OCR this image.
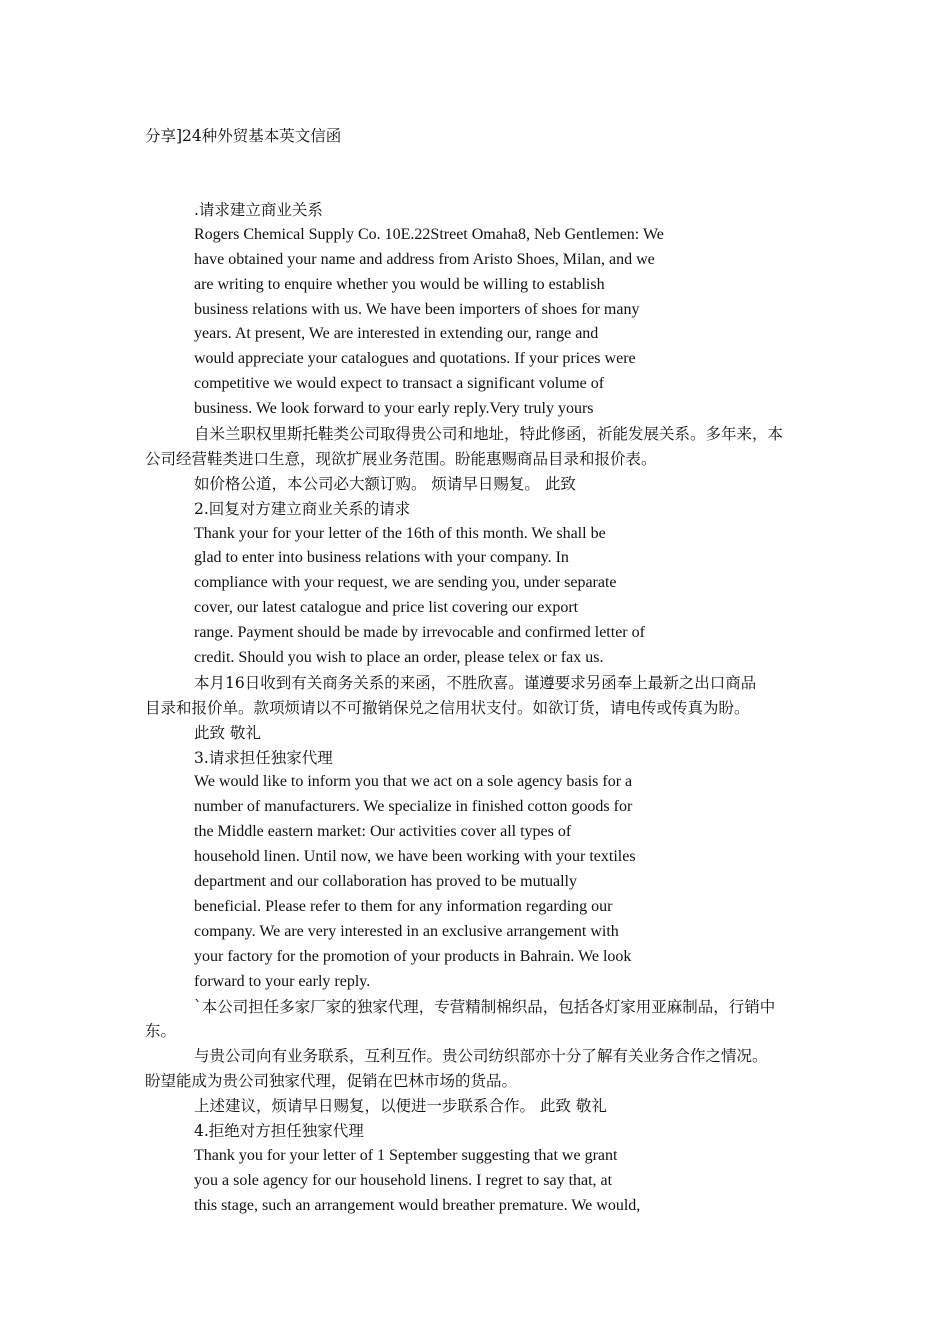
分享]24种外贸基本英文信函
.请求建立商业关系
Rogers Chemical Supply Co. 10E.22Street Omaha8, Neb Gentlemen: We
have obtained your name and address from Aristo Shoes, Milan, and we
are writing to enquire whether you would be willing to establish
business relations with us. We have been importers of shoes for many
years. At present, We are interested in extending our, range and
would appreciate your catalogues and quotations. If your prices were
competitive we would expect to transact a significant volume of
business. We look forward to your early reply.Very truly yours
自米兰职权里斯托鞋类公司取得贵公司和地址，特此修函，祈能发展关系。多年来，本
公司经营鞋类进口生意，现欲扩展业务范围。盼能惠赐商品目录和报价表。
如价格公道，本公司必大额订购。 烦请早日赐复。 此致
2.回复对方建立商业关系的请求
Thank your for your letter of the 16th of this month. We shall be
glad to enter into business relations with your company. In
compliance with your request, we are sending you, under separate
cover, our latest catalogue and price list covering our export
range. Payment should be made by irrevocable and confirmed letter of
credit. Should you wish to place an order, please telex or fax us.
本月16日收到有关商务关系的来函，不胜欣喜。谨遵要求另函奉上最新之出口商品
目录和报价单。款项烦请以不可撤销保兑之信用状支付。如欲订货，请电传或传真为盼。
此致 敬礼
3.请求担任独家代理
We would like to inform you that we act on a sole agency basis for a
number of manufacturers. We specialize in finished cotton goods for
the Middle eastern market: Our activities cover all types of
household linen. Until now, we have been working with your textiles
department and our collaboration has proved to be mutually
beneficial. Please refer to them for any information regarding our
company. We are very interested in an exclusive arrangement with
your factory for the promotion of your products in Bahrain. We look
forward to your early reply.
`本公司担任多家厂家的独家代理，专营精制棉织品，包括各灯家用亚麻制品，行销中
东。
与贵公司向有业务联系，互利互作。贵公司纺织部亦十分了解有关业务合作之情况。
盼望能成为贵公司独家代理，促销在巴林市场的货品。
上述建议，烦请早日赐复，以便进一步联系合作。 此致 敬礼
4.拒绝对方担任独家代理
Thank you for your letter of 1 September suggesting that we grant
you a sole agency for our household linens. I regret to say that, at
this stage, such an arrangement would breather premature. We would,
